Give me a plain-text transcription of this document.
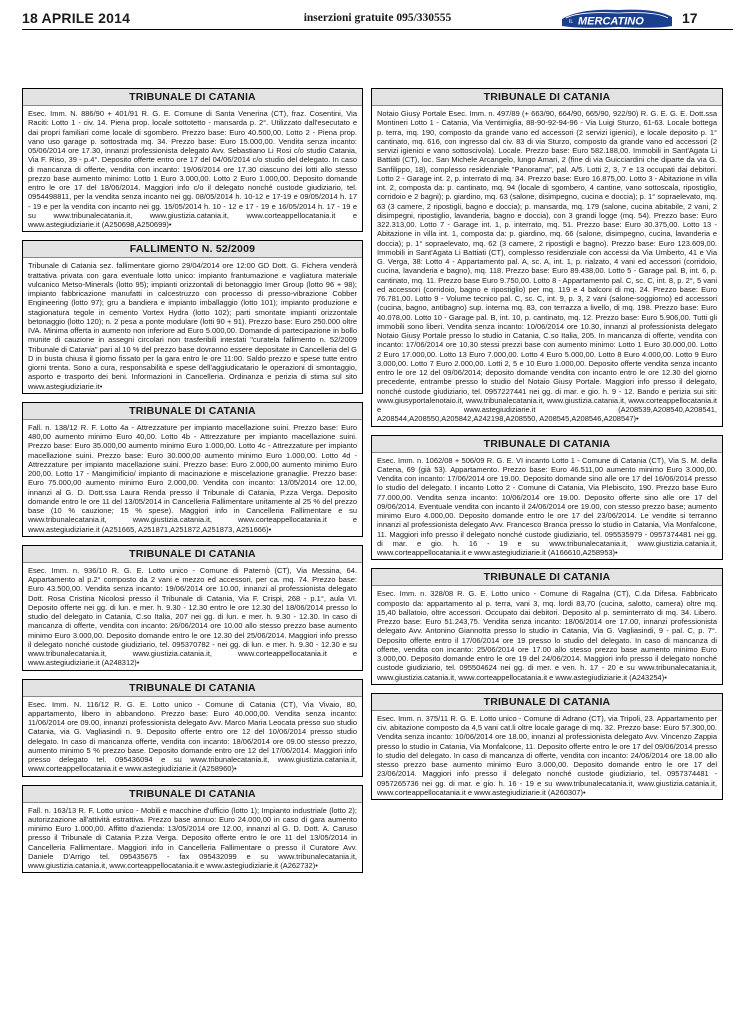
18 APRILE 2014	inserzioni gratuite 095/330555	IL MERCATINO	17
TRIBUNALE DI CATANIA
Esec. Imm. N. 886/90 + 401/91 R. G. E. Comune di Santa Venerina (CT), fraz. Cosentini, Via Raciti: Lotto 1 - civ. 14. Piena prop. locale sottotetto - mansarda p. 2°. Utilizzato dall'esecutato e dai propri familiari come locale di sgombero. Prezzo base: Euro 40.500,00. Lotto 2 - Piena prop. vano uso garage p. sottostrada mq. 34. Prezzo base: Euro 15.000,00. Vendita senza incanto: 05/06/2014 ore 17.30, innanzi professionista delegato Avv. Sebastiano Li Rosi c/o studio Catania, Via F. Riso, 39 - p.4°. Deposito offerte entro ore 17 del 04/06/2014 c/o studio del delegato. In caso di mancanza di offerte, vendita con incanto: 19/06/2014 ore 17.30 ciascuno dei lotti allo stesso prezzo base aumento minimo: Lotto 1 Euro 3.000,00. Lotto 2 Euro 1.000,00. Deposito domande entro le ore 17 del 18/06/2014. Maggiori info c/o il delegato nonché custode giudiziario, tel. 0954498811, per la vendita senza incanto nei gg. 08/05/2014 h. 10-12 e 17-19 e 09/05/2014 h. 17 - 19 e per la vendita con incanto nei gg. 15/05/2014 h. 10 - 12 e 17 - 19 e 16/05/2014 h. 17 - 19 e su www.tribunalecatania.it, www.giustizia.catania.it, www.corteappellocatania.it e www.astegiudiziarie.it (A250698,A250699)•
FALLIMENTO N. 52/2009
Tribunale di Catania sez. fallimentare giorno 29/04/2014 ore 12:00 GD Dott. G. Fichera venderà trattativa privata con gara eventuale lotto unico: impianto frantumazione e vagliatura materiale vulcanico Metso-Minerals (lotto 95); impianti orizzontali di betonaggio Imer Group (lotto 96 + 98); impianto fabbricazione manufatti in calcestruzzo con processo di presso-vibrazione Cobber Engineering (lotto 97); gru a bandiera e impianto imballaggio (lotto 101); impianto produzione e stagionatura tegole in cemento Vortex Hydra (lotto 102); parti smontate impianti orizzontale betonaggio (lotto 120); n. 2 pesa a ponte modulare (lotti 90 + 91). Prezzo base: Euro 250.000 oltre IVA. Minima offerta in aumento non inferiore ad Euro 5.000,00. Domande di partecipazione in bollo munite di cauzione in assegni circolari non trasferibili intestati "curatela fallimento n. 52/2009 Tribunale di Catania" pari al 10 % del prezzo base dovranno essere depositate in Cancelleria del G D in busta chiusa il giorno fissato per la gara entro le ore 11:00. Saldo prezzo e spese tutte entro giorni trenta. Sono a cura, responsabilità e spese dell'aggiudicatario le operazioni di smontaggio, asporto e trasporto dei beni. Informazioni in Cancelleria. Ordinanza e perizia di stima sul sito www.astegiudiziarie.it•
TRIBUNALE DI CATANIA
Fall. n. 138/12 R. F. Lotto 4a - Attrezzature per impianto macellazione suini. Prezzo base: Euro 480,00 aumento minimo Euro 40,00. Lotto 4b - Attrezzature per impianto macellazione suini. Prezzo base: Euro 35.000,00 aumento minimo Euro 1.000,00. Lotto 4c - Attrezzature per impianto macellazione suini. Prezzo base: Euro 30.000,00 aumento minimo Euro 1.000,00. Lotto 4d - Attrezzature per impianto macellazione suini. Prezzo base: Euro 2.000,00 aumento minimo Euro 200,00. Lotto 17 - Mangimificio/ impianto di macinazione e miscelazione granaglie. Prezzo base: Euro 75.000,00 aumento minimo Euro 2.000,00. Vendita con incanto: 13/05/2014 ore 12.00, innanzi al G. D. Dott.ssa Laura Renda presso il Tribunale di Catania, P.zza Verga. Deposito domande entro le ore 11 del 13/05/2014 in Cancelleria Fallimentare unitamente al 25 % del prezzo base (10 % cauzione; 15 % spese). Maggiori info in Cancelleria Fallimentare e su www.tribunalecatania.it, www.giustizia.catania.it, www.corteappellocatania.it e www.astegiudiziarie.it (A251665, A251871,A251872,A251873, A251666)•
TRIBUNALE DI CATANIA
Esec. Imm. n. 936/10 R. G. E. Lotto unico - Comune di Paternò (CT), Via Messina, 64. Appartamento al p.2° composto da 2 vani e mezzo ed accessori, per ca. mq. 74. Prezzo base: Euro 43.500,00. Vendita senza incanto: 19/06/2014 ore 10.00, innanzi al professionista delegato Dott. Rosa Cristina Nicolosi presso il Tribunale di Catania, Via F. Crispi, 268 - p.1°, aula VI. Deposito offerte nei gg. di lun. e mer. h. 9.30 - 12.30 entro le ore 12.30 del 18/06/2014 presso lo studio del delegato in Catania, C.so Italia, 207 nei gg. di lun. e mer. h. 9.30 - 12.30. In caso di mancanza di offerte, vendita con incanto: 26/06/2014 ore 10.00 allo stesso prezzo base aumento minimo Euro 3.000,00. Deposito domande entro le ore 12.30 del 25/06/2014. Maggiori info presso il delegato nonché custode giudiziario, tel. 095370782 - nei gg. di lun. e mer. h. 9.30 - 12.30 e su www.tribunalecatania.it, www.giustizia.catania.it, www.corteappellocatania.it e www.astegiudiziarie.it (A248312)•
TRIBUNALE DI CATANIA
Esec. Imm. N. 116/12 R. G. E. Lotto unico - Comune di Catania (CT), Via Vivaio, 80, appartamento, libero in abbandono. Prezzo base: Euro 40.000,00. Vendita senza incanto: 11/06/2014 ore 09.00, innanzi professionista delegato Avv. Marco Maria Leocata presso suo studio Catania, via G. Vagliasindi n. 9. Deposito offerte entro ore 12 del 10/06/2014 presso studio delegato. In caso di mancanza offerte, vendita con incanto: 18/06/2014 ore 09.00 stesso prezzo, aumento minimo 5 % prezzo base. Deposito domande entro ore 12 del 17/06/2014. Maggiori info presso delegato tel. 095436094 e su www.tribunalecatania.it, www.giustizia.catania.it, www.corteappellocatania.it e www.astegiudiziarie.it (A258960)•
TRIBUNALE DI CATANIA
Fall. n. 163/13 R. F. Lotto unico - Mobili e macchine d'ufficio (lotto 1); Impianto industriale (lotto 2); autorizzazione all'attività estrattiva. Prezzo base annuo: Euro 24.000,00 in caso di gara aumento minimo Euro 1.000,00. Affitto d'azienda: 13/05/2014 ore 12.00, innanzi al G. D. Dott. A. Caruso presso il Tribunale di Catania P.zza Verga. Deposito offerte entro le ore 11 del 13/05/2014 in Cancelleria Fallimentare. Maggiori info in Cancelleria Fallimentare o presso il Curatore Avv. Daniele D'Arrigo tel. 095435675 - fax 095432099 e su www.tribunalecatania.it, www.giustizia.catania.it, www.corteappellocatania.it e www.astegiudiziarie.it (A262732)•
TRIBUNALE DI CATANIA
Notaio Giusy Portale Esec. Imm. n. 497/89 (+ 663/90, 664/90, 665/90, 922/90) R. G. E. G. E. Dott.ssa Montineri Lotto 1 - Catania, Via Ventimiglia, 88-90-92-94-96 - Via Luigi Sturzo, 61-63. Locale bottega p. terra, mq. 190, composto da grande vano ed accessori (2 servizi igienici), e locale deposito p. 1° cantinato, mq. 616, con ingresso dal civ. 83 di via Sturzo, composto da grande vano ed accessori (2 servizi igienici e vano sottoscivola). Locale. Prezzo base: Euro 582.188,00. Immobili in Sant'Agata Li Battiati (CT), loc. San Michele Arcangelo, lungo Amari, 2 (fine di via Guicciardini che diparte da via G. Sanfilippo, 18), complesso residenziale "Panorama", pal. A/5. Lotti 2, 3, 7 e 13 occupati dai debitori. Lotto 2 - Garage int. 2, p. interrato di mq. 34. Prezzo base: Euro 16.875,00. Lotto 3 - Abitazione in villa int. 2, composta da: p. cantinato, mq. 94 (locale di sgombero, 4 cantine, vano sottoscala, ripostiglio, corridoio e 2 bagni); p. giardino, mq. 63 (salone, disimpegno, cucina e doccia); p. 1° sopraelevato, mq. 63 (3 camere, 2 ripostigli, bagno e doccia); p. mansarda, mq. 179 (salone, cucina abitabile, 2 vani, 2 disimpegni, ripostiglio, lavanderia, bagno e doccia), con 3 grandi logge (mq. 54). Prezzo base: Euro 322.313,00. Lotto 7 - Garage int. 1, p. interrato, mq. 51. Prezzo base: Euro 30.375,00. Lotto 13 - Abitazione in villa int. 1, composta da: p. giardino, mq. 66 (salone, disimpegno, cucina, lavanderia e doccia); p. 1° sopraelevato, mq. 62 (3 camere, 2 ripostigli e bagno). Prezzo base: Euro 123.609,00. Immobili in Sant'Agata Li Battiati (CT), complesso residenziale con accessi da Via Umberto, 41 e Via G. Verga, 38: Lotto 4 - Appartamento pal. A, sc. A, int. 1, p. rialzato, 4 vani ed accessori (corridoio, cucina, lavanderia e bagno), mq. 118. Prezzo base: Euro 89.438,00. Lotto 5 - Garage pal. B, int. 6, p. cantinato, mq. 11. Prezzo base Euro 9.750,00. Lotto 8 - Appartamento pal. C, sc. C, int. 8, p. 2°, 5 vani ed accessori (corridoio, bagno e ripostiglio) per mq. 119 e 4 balconi di mq. 24. Prezzo base: Euro 76.781,00. Lotto 9 - Volume tecnico pal. C, sc. C, int. 9, p. 3, 2 vani (salone-soggiorno) ed accessori (cucina, bagno, antibagno) sup. interna mq. 83, con terrazza a livello, di mq. 198. Prezzo base: Euro 40.078,00. Lotto 10 - Garage pal. B, int. 10, p. cantinato, mq. 12. Prezzo base: Euro 5.906,00. Tutti gli immobili sono liberi. Vendita senza incanto: 10/06/2014 ore 10.30, innanzi al professionista delegato Notaio Giusy Portale presso lo studio in Catania, C.so Italia, 205. In mancanza di offerte, vendita con incanto: 17/06/2014 ore 10.30 stessi prezzi base con aumento minimo: Lotto 1 Euro 30.000,00. Lotto 2 Euro 17.000,00. Lotto 13 Euro 7.000,00. Lotto 4 Euro 5.000,00. Lotto 8 Euro 4.000,00. Lotto 9 Euro 3.000,00. Lotto 7 Euro 2.000,00. Lotti 2, 5 e 10 Euro 1.000,00. Deposito offerte vendita senza incanto entro le ore 12 del 09/06/2014; deposito domande vendita con incanto entro le ore 12.30 del giorno precedente, entrambe presso lo studio del Notaio Giusy Portale. Maggiori info presso il delegato, nonché custode giudiziario, tel. 0957227441 nei gg. di mar. e gio. h. 9 - 12. Bando e perizia sui siti: www.giusyportalenotaio.it, www.tribunalecatania.it, www.giustizia.catania.it, www.corteappellocatania.it e www.astegiudiziarie.it (A208539,A208540,A208541, A208544,A208550,A205842,A242198,A208550, A208545,A208546,A208547)•
TRIBUNALE DI CATANIA
Esec. Imm. n. 1062/08 + 506/09 R. G. E. VI incanto Lotto 1 - Comune di Catania (CT), Via S. M. della Catena, 69 (già 53). Appartamento. Prezzo base: Euro 46.511,00 aumento minimo Euro 3.000,00. Vendita con incanto: 17/06/2014 ore 19.00. Deposito domande sino alle ore 17 del 16/06/2014 presso lo studio del delegato. I incanto Lotto 2 - Comune di Catania, Via Plebiscito, 190. Prezzo base Euro 77.000,00. Vendita senza incanto: 10/06/2014 ore 19.00. Deposito offerte sino alle ore 17 del 09/06/2014. Eventuale vendita con incanto il 24/06/2014 ore 19.00, con stesso prezzo base; aumento minimo Euro 4.000,00. Deposito domande entro le ore 17 del 23/06/2014. Le vendite si terranno innanzi al professionista delegato Avv. Francesco Branca presso lo studio in Catania, Via Monfalcone, 11. Maggiori info presso il delegato nonché custode giudiziario, tel. 095535979 - 0957374481 nei gg. di mar. e gio. h. 16 - 19 e su www.tribunalecatania.it, www.giustizia.catania.it, www.corteappellocatania.it e www.astegiudiziarie.it (A166610,A258953)•
TRIBUNALE DI CATANIA
Esec. Imm. n. 328/08 R. G. E. Lotto unico - Comune di Ragalna (CT), C.da Difesa. Fabbricato composto da: appartamento al p. terra, vani 3, mq. lordi 83,70 (cucina, salotto, camera) oltre mq. 15,40 ballatoio, oltre accessori. Occupato dai debitori. Deposito al p. seminterrato di mq. 34. Libero. Prezzo base: Euro 51.243,75. Vendita senza incanto: 18/06/2014 ore 17.00, innanzi professionista delegato Avv. Antonino Giannotta presso lo studio in Catania, Via G. Vagliasindi, 9 - pal. C, p. 7°. Deposito offerte entro il 17/06/2014 ore 19 presso lo studio del delegato. In caso di mancanza di offerte, vendita con incanto: 25/06/2014 ore 17.00 allo stesso prezzo base aumento minimo Euro 3.000,00. Deposito domande entro le ore 19 del 24/06/2014. Maggiori info presso il delegato nonché custode giudiziario, tel. 095504624 nei gg. di mer. e ven. h. 17 - 20 e su www.tribunalecatania.it, www.giustizia.catania.it, www.corteappellocatania.it e www.astegiudiziarie.it (A243254)•
TRIBUNALE DI CATANIA
Esec. Imm. n. 375/11 R. G. E. Lotto unico - Comune di Adrano (CT), via Tripoli, 23. Appartamento per civ. abitazione composto da 4,5 vani cat.li oltre locale garage di mq. 32. Prezzo base: Euro 57.300,00. Vendita senza incanto: 10/06/2014 ore 18.00, innanzi al professionista delegato Avv. Vincenzo Zappia presso lo studio in Catania, Via Monfalcone, 11. Deposito offerte entro le ore 17 del 09/06/2014 presso lo studio del delegato. In caso di mancanza di offerte, vendita con incanto: 24/06/2014 ore 18.00 allo stesso prezzo base aumento minimo Euro 3.000,00. Deposito domande entro le ore 17 del 23/06/2014. Maggiori info presso il delegato nonché custode giudiziario, tel. 0957374481 - 0957265736 nei gg. di mar. e gio. h. 16 - 19 e su www.tribunalecatania.it, www.giustizia.catania.it, www.corteappellocatania.it e www.astegiudiziarie.it (A260307)•
